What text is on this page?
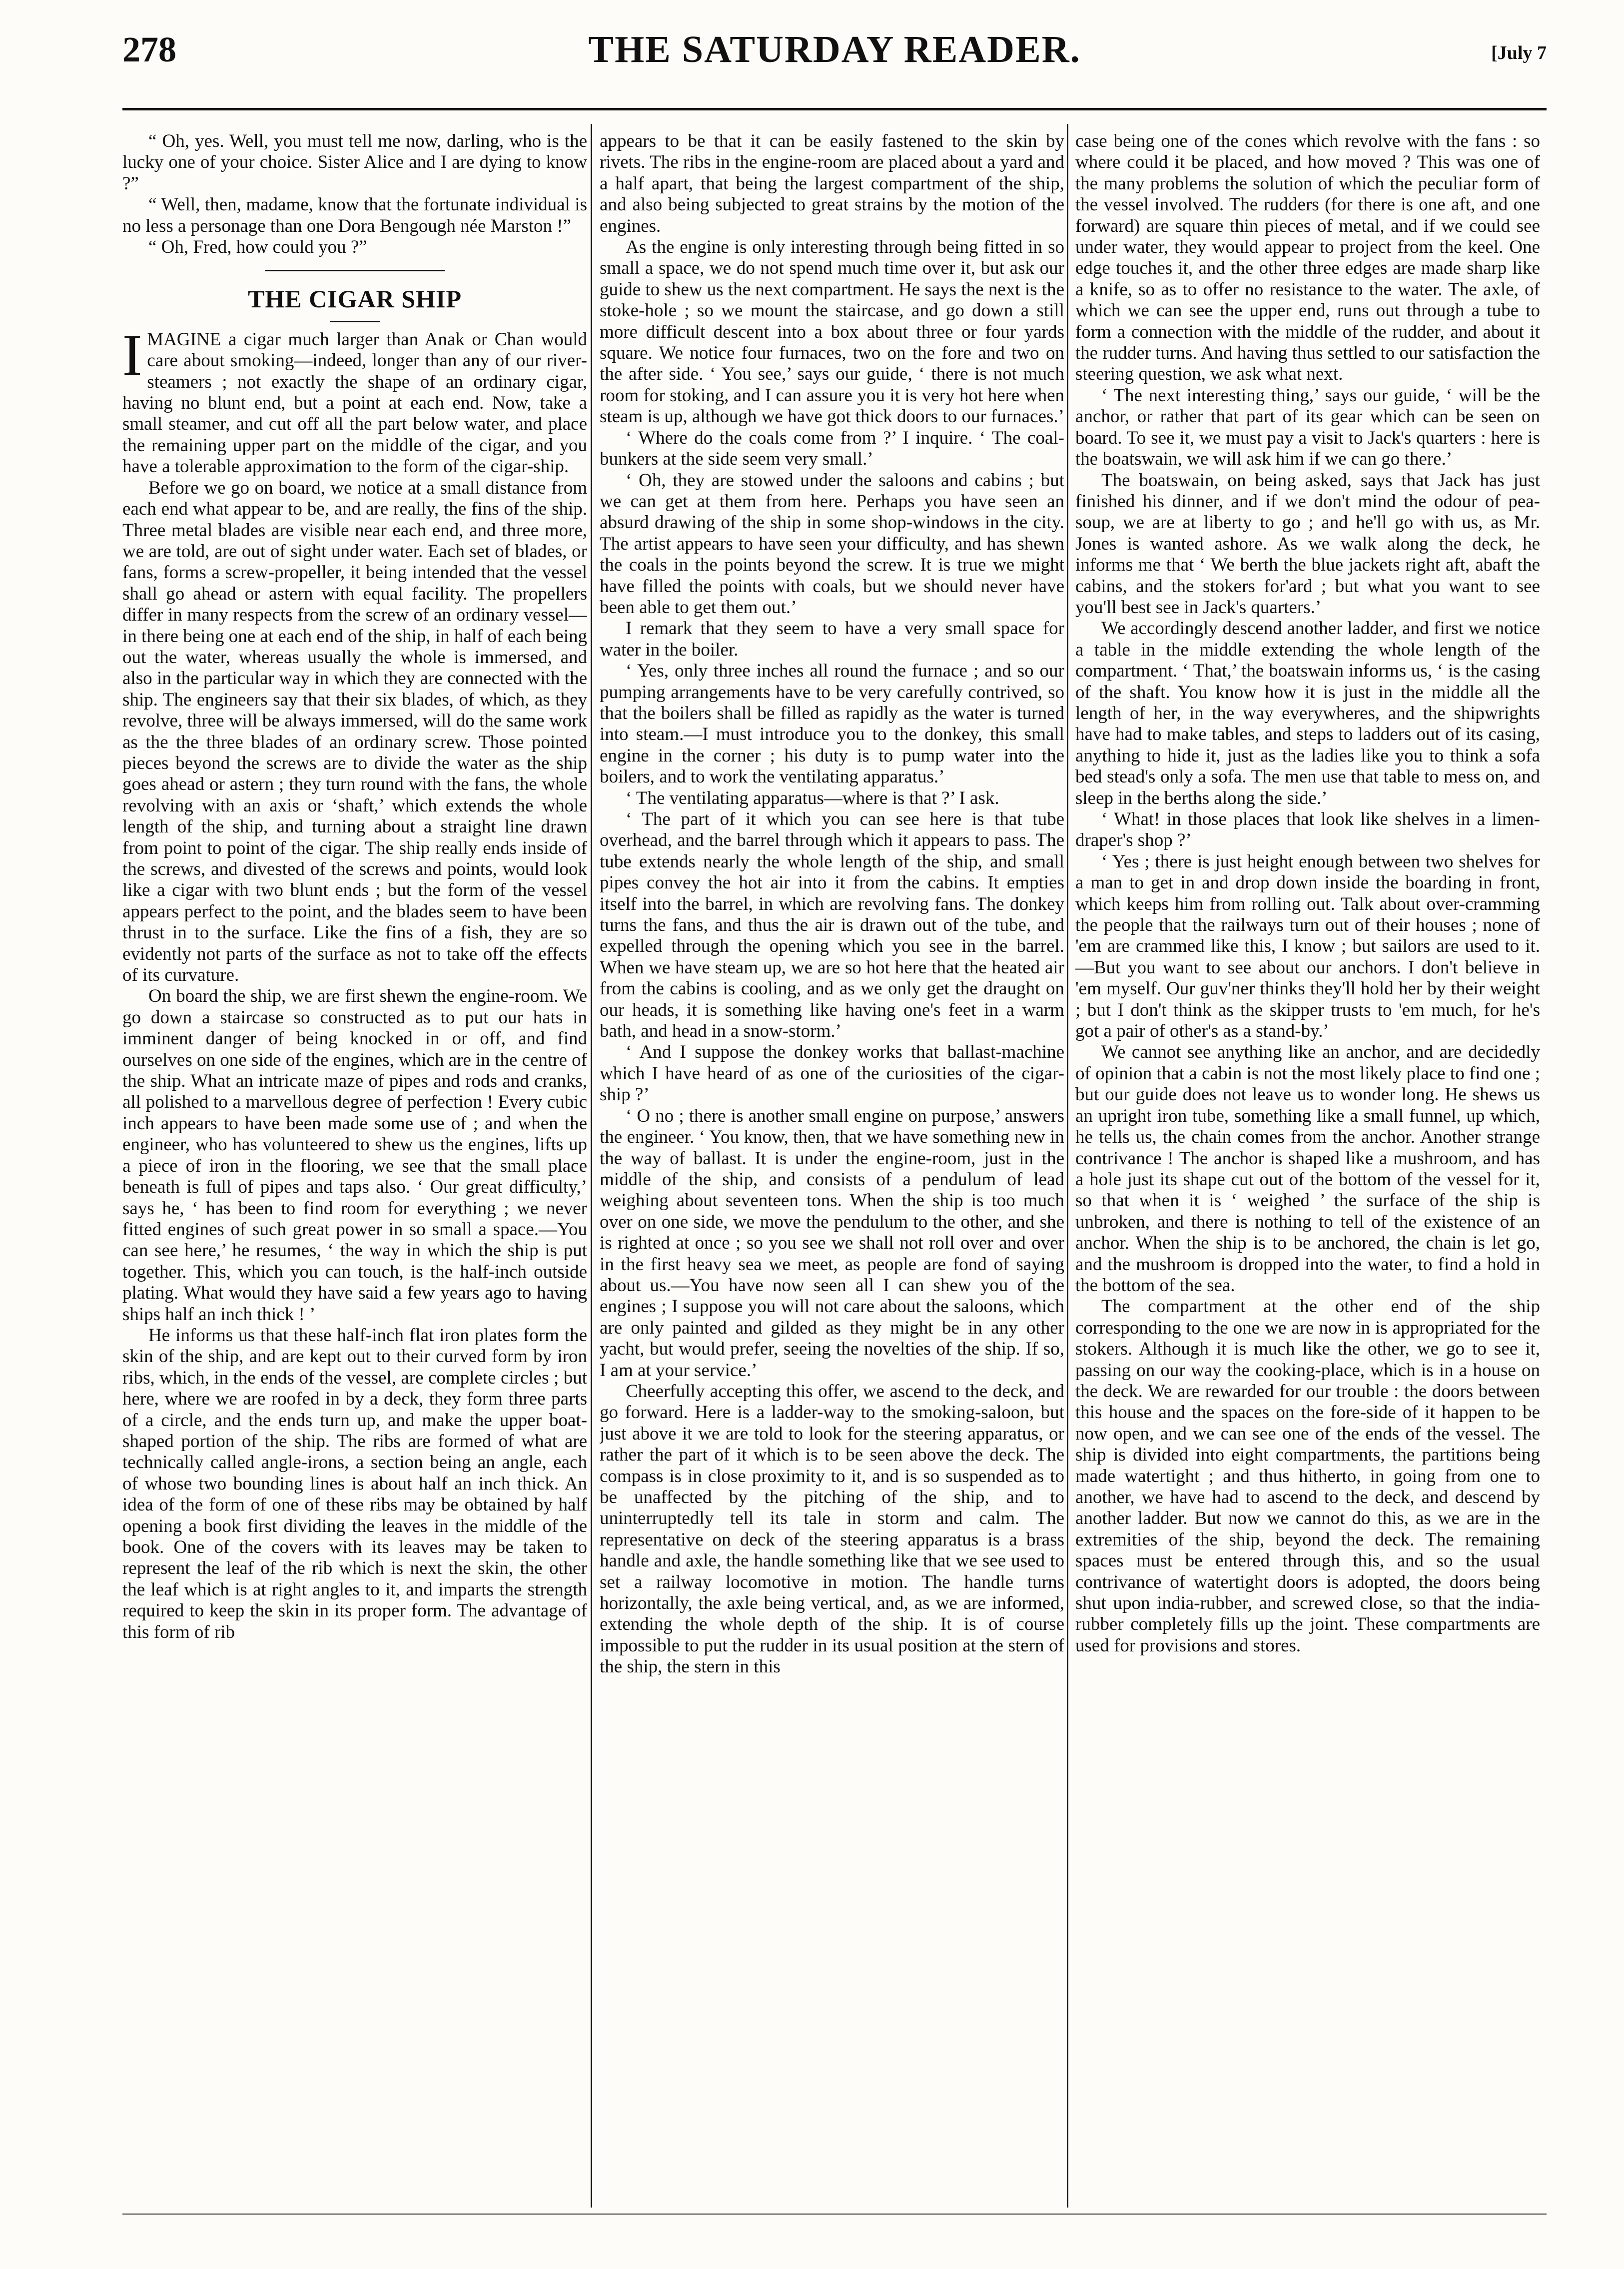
278	THE SATURDAY READER.	[July 7

“ Oh, yes. Well, you must tell me now, darling, who is the lucky one of your choice. Sister Alice and I are dying to know ?”

“ Well, then, madame, know that the fortunate individual is no less a personage than one Dora Bengough née Marston !”

“ Oh, Fred, how could you ?”

THE CIGAR SHIP

IMAGINE a cigar much larger than Anak or Chan would care about smoking—indeed, longer than any of our river-steamers ; not exactly the shape of an ordinary cigar, having no blunt end, but a point at each end. Now, take a small steamer, and cut off all the part below water, and place the remaining upper part on the middle of the cigar, and you have a tolerable approximation to the form of the cigar-ship.

Before we go on board, we notice at a small distance from each end what appear to be, and are really, the fins of the ship. Three metal blades are visible near each end, and three more, we are told, are out of sight under water. Each set of blades, or fans, forms a screw-propeller, it being intended that the vessel shall go ahead or astern with equal facility. The propellers differ in many respects from the screw of an ordinary vessel—in there being one at each end of the ship, in half of each being out the water, whereas usually the whole is immersed, and also in the particular way in which they are connected with the ship. The engineers say that their six blades, of which, as they revolve, three will be always immersed, will do the same work as the the three blades of an ordinary screw. Those pointed pieces beyond the screws are to divide the water as the ship goes ahead or astern ; they turn round with the fans, the whole revolving with an axis or ‘shaft,’ which extends the whole length of the ship, and turning about a straight line drawn from point to point of the cigar. The ship really ends inside of the screws, and divested of the screws and points, would look like a cigar with two blunt ends ; but the form of the vessel appears perfect to the point, and the blades seem to have been thrust in to the surface. Like the fins of a fish, they are so evidently not parts of the surface as not to take off the effects of its curvature.

On board the ship, we are first shewn the engine-room. We go down a staircase so constructed as to put our hats in imminent danger of being knocked in or off, and find ourselves on one side of the engines, which are in the centre of the ship. What an intricate maze of pipes and rods and cranks, all polished to a marvellous degree of perfection ! Every cubic inch appears to have been made some use of ; and when the engineer, who has volunteered to shew us the engines, lifts up a piece of iron in the flooring, we see that the small place beneath is full of pipes and taps also. ‘ Our great difficulty,’ says he, ‘ has been to find room for everything ; we never fitted engines of such great power in so small a space.—You can see here,’ he resumes, ‘ the way in which the ship is put together. This, which you can touch, is the half-inch outside plating. What would they have said a few years ago to having ships half an inch thick ! ’

He informs us that these half-inch flat iron plates form the skin of the ship, and are kept out to their curved form by iron ribs, which, in the ends of the vessel, are complete circles ; but here, where we are roofed in by a deck, they form three parts of a circle, and the ends turn up, and make the upper boat-shaped portion of the ship. The ribs are formed of what are technically called angle-irons, a section being an angle, each of whose two bounding lines is about half an inch thick. An idea of the form of one of these ribs may be obtained by half opening a book first dividing the leaves in the middle of the book. One of the covers with its leaves may be taken to represent the leaf of the rib which is next the skin, the other the leaf which is at right angles to it, and imparts the strength required to keep the skin in its proper form. The advantage of this form of rib

appears to be that it can be easily fastened to the skin by rivets. The ribs in the engine-room are placed about a yard and a half apart, that being the largest compartment of the ship, and also being subjected to great strains by the motion of the engines.

As the engine is only interesting through being fitted in so small a space, we do not spend much time over it, but ask our guide to shew us the next compartment. He says the next is the stoke-hole ; so we mount the staircase, and go down a still more difficult descent into a box about three or four yards square. We notice four furnaces, two on the fore and two on the after side. ‘ You see,’ says our guide, ‘ there is not much room for stoking, and I can assure you it is very hot here when steam is up, although we have got thick doors to our furnaces.’

‘ Where do the coals come from ?’ I inquire. ‘ The coal-bunkers at the side seem very small.’

‘ Oh, they are stowed under the saloons and cabins ; but we can get at them from here. Perhaps you have seen an absurd drawing of the ship in some shop-windows in the city. The artist appears to have seen your difficulty, and has shewn the coals in the points beyond the screw. It is true we might have filled the points with coals, but we should never have been able to get them out.’

I remark that they seem to have a very small space for water in the boiler.

‘ Yes, only three inches all round the furnace ; and so our pumping arrangements have to be very carefully contrived, so that the boilers shall be filled as rapidly as the water is turned into steam.—I must introduce you to the donkey, this small engine in the corner ; his duty is to pump water into the boilers, and to work the ventilating apparatus.’

‘ The ventilating apparatus—where is that ?’ I ask.

‘ The part of it which you can see here is that tube overhead, and the barrel through which it appears to pass. The tube extends nearly the whole length of the ship, and small pipes convey the hot air into it from the cabins. It empties itself into the barrel, in which are revolving fans. The donkey turns the fans, and thus the air is drawn out of the tube, and expelled through the opening which you see in the barrel. When we have steam up, we are so hot here that the heated air from the cabins is cooling, and as we only get the draught on our heads, it is something like having one's feet in a warm bath, and head in a snow-storm.’

‘ And I suppose the donkey works that ballast-machine which I have heard of as one of the curiosities of the cigar-ship ?’

‘ O no ; there is another small engine on purpose,’ answers the engineer. ‘ You know, then, that we have something new in the way of ballast. It is under the engine-room, just in the middle of the ship, and consists of a pendulum of lead weighing about seventeen tons. When the ship is too much over on one side, we move the pendulum to the other, and she is righted at once ; so you see we shall not roll over and over in the first heavy sea we meet, as people are fond of saying about us.—You have now seen all I can shew you of the engines ; I suppose you will not care about the saloons, which are only painted and gilded as they might be in any other yacht, but would prefer, seeing the novelties of the ship. If so, I am at your service.’

Cheerfully accepting this offer, we ascend to the deck, and go forward. Here is a ladder-way to the smoking-saloon, but just above it we are told to look for the steering apparatus, or rather the part of it which is to be seen above the deck. The compass is in close proximity to it, and is so suspended as to be unaffected by the pitching of the ship, and to uninterruptedly tell its tale in storm and calm. The representative on deck of the steering apparatus is a brass handle and axle, the handle something like that we see used to set a railway locomotive in motion. The handle turns horizontally, the axle being vertical, and, as we are informed, extending the whole depth of the ship. It is of course impossible to put the rudder in its usual position at the stern of the ship, the stern in this

case being one of the cones which revolve with the fans : so where could it be placed, and how moved ? This was one of the many problems the solution of which the peculiar form of the vessel involved. The rudders (for there is one aft, and one forward) are square thin pieces of metal, and if we could see under water, they would appear to project from the keel. One edge touches it, and the other three edges are made sharp like a knife, so as to offer no resistance to the water. The axle, of which we can see the upper end, runs out through a tube to form a connection with the middle of the rudder, and about it the rudder turns. And having thus settled to our satisfaction the steering question, we ask what next.

‘ The next interesting thing,’ says our guide, ‘ will be the anchor, or rather that part of its gear which can be seen on board. To see it, we must pay a visit to Jack's quarters : here is the boatswain, we will ask him if we can go there.’

The boatswain, on being asked, says that Jack has just finished his dinner, and if we don't mind the odour of pea-soup, we are at liberty to go ; and he'll go with us, as Mr. Jones is wanted ashore. As we walk along the deck, he informs me that ‘ We berth the blue jackets right aft, abaft the cabins, and the stokers for'ard ; but what you want to see you'll best see in Jack's quarters.’

We accordingly descend another ladder, and first we notice a table in the middle extending the whole length of the compartment. ‘ That,’ the boatswain informs us, ‘ is the casing of the shaft. You know how it is just in the middle all the length of her, in the way everywheres, and the shipwrights have had to make tables, and steps to ladders out of its casing, anything to hide it, just as the ladies like you to think a sofa bed stead's only a sofa. The men use that table to mess on, and sleep in the berths along the side.’

‘ What! in those places that look like shelves in a limen-draper's shop ?’

‘ Yes ; there is just height enough between two shelves for a man to get in and drop down inside the boarding in front, which keeps him from rolling out. Talk about over-cramming the people that the railways turn out of their houses ; none of 'em are crammed like this, I know ; but sailors are used to it.—But you want to see about our anchors. I don't believe in 'em myself. Our guv'ner thinks they'll hold her by their weight ; but I don't think as the skipper trusts to 'em much, for he's got a pair of other's as a stand-by.’

We cannot see anything like an anchor, and are decidedly of opinion that a cabin is not the most likely place to find one ; but our guide does not leave us to wonder long. He shews us an upright iron tube, something like a small funnel, up which, he tells us, the chain comes from the anchor. Another strange contrivance ! The anchor is shaped like a mushroom, and has a hole just its shape cut out of the bottom of the vessel for it, so that when it is ‘ weighed ’ the surface of the ship is unbroken, and there is nothing to tell of the existence of an anchor. When the ship is to be anchored, the chain is let go, and the mushroom is dropped into the water, to find a hold in the bottom of the sea.

The compartment at the other end of the ship corresponding to the one we are now in is appropriated for the stokers. Although it is much like the other, we go to see it, passing on our way the cooking-place, which is in a house on the deck. We are rewarded for our trouble : the doors between this house and the spaces on the fore-side of it happen to be now open, and we can see one of the ends of the vessel. The ship is divided into eight compartments, the partitions being made watertight ; and thus hitherto, in going from one to another, we have had to ascend to the deck, and descend by another ladder. But now we cannot do this, as we are in the extremities of the ship, beyond the deck. The remaining spaces must be entered through this, and so the usual contrivance of watertight doors is adopted, the doors being shut upon india-rubber, and screwed close, so that the india-rubber completely fills up the joint. These compartments are used for provisions and stores.
